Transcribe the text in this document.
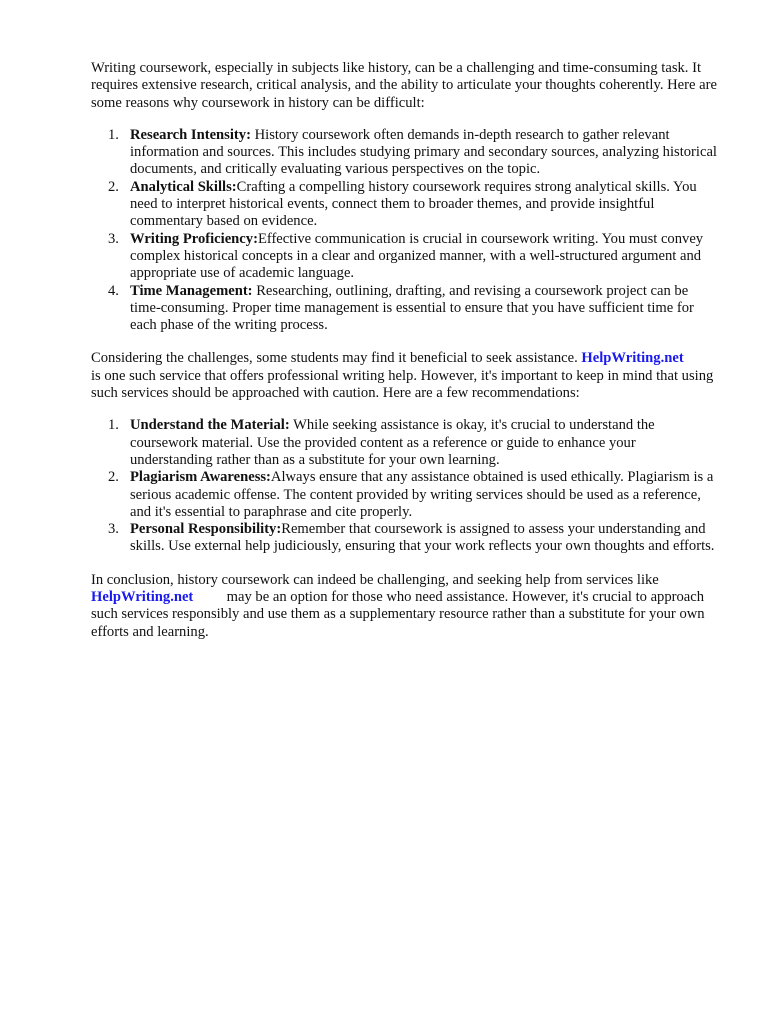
Writing coursework, especially in subjects like history, can be a challenging and time-consuming task. It requires extensive research, critical analysis, and the ability to articulate your thoughts coherently. Here are some reasons why coursework in history can be difficult:

1. Research Intensity: History coursework often demands in-depth research to gather relevant information and sources. This includes studying primary and secondary sources, analyzing historical documents, and critically evaluating various perspectives on the topic.
2. Analytical Skills:Crafting a compelling history coursework requires strong analytical skills. You need to interpret historical events, connect them to broader themes, and provide insightful commentary based on evidence.
3. Writing Proficiency:Effective communication is crucial in coursework writing. You must convey complex historical concepts in a clear and organized manner, with a well-structured argument and appropriate use of academic language.
4. Time Management: Researching, outlining, drafting, and revising a coursework project can be time-consuming. Proper time management is essential to ensure that you have sufficient time for each phase of the writing process.

Considering the challenges, some students may find it beneficial to seek assistance. HelpWriting.net is one such service that offers professional writing help. However, it's important to keep in mind that using such services should be approached with caution. Here are a few recommendations:

1. Understand the Material: While seeking assistance is okay, it's crucial to understand the coursework material. Use the provided content as a reference or guide to enhance your understanding rather than as a substitute for your own learning.
2. Plagiarism Awareness:Always ensure that any assistance obtained is used ethically. Plagiarism is a serious academic offense. The content provided by writing services should be used as a reference, and it's essential to paraphrase and cite properly.
3. Personal Responsibility:Remember that coursework is assigned to assess your understanding and skills. Use external help judiciously, ensuring that your work reflects your own thoughts and efforts.

In conclusion, history coursework can indeed be challenging, and seeking help from services like HelpWriting.net may be an option for those who need assistance. However, it's crucial to approach such services responsibly and use them as a supplementary resource rather than a substitute for your own efforts and learning.
